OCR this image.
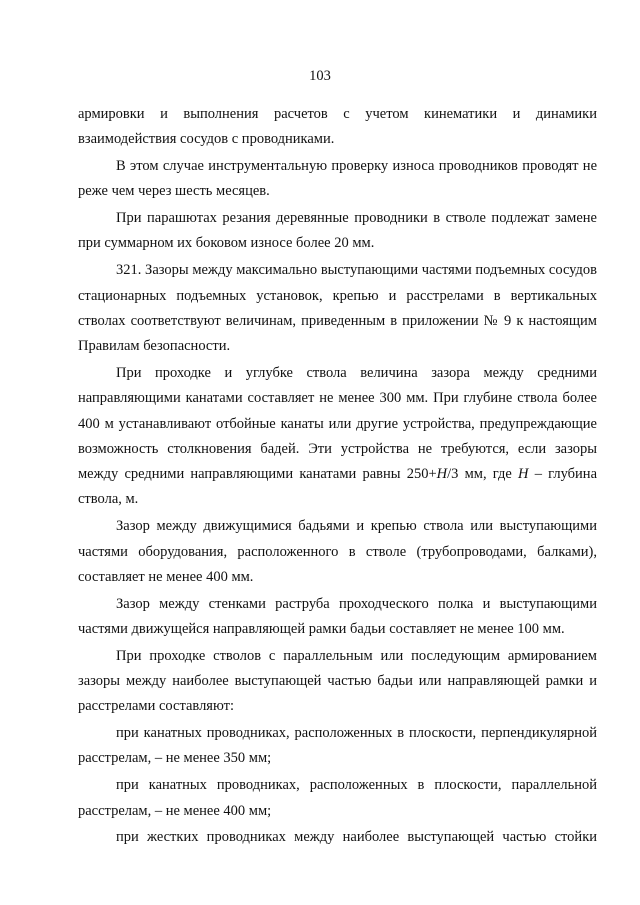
103

армировки и выполнения расчетов с учетом кинематики и динамики взаимодействия сосудов с проводниками.

В этом случае инструментальную проверку износа проводников проводят не реже чем через шесть месяцев.

При парашютах резания деревянные проводники в стволе подлежат замене при суммарном их боковом износе более 20 мм.

321. Зазоры между максимально выступающими частями подъемных сосудов стационарных подъемных установок, крепью и расстрелами в вертикальных стволах соответствуют величинам, приведенным в приложении № 9 к настоящим Правилам безопасности.

При проходке и углубке ствола величина зазора между средними направляющими канатами составляет не менее 300 мм. При глубине ствола более 400 м устанавливают отбойные канаты или другие устройства, предупреждающие возможность столкновения бадей. Эти устройства не требуются, если зазоры между средними направляющими канатами равны 250+H/3 мм, где H – глубина ствола, м.

Зазор между движущимися бадьями и крепью ствола или выступающими частями оборудования, расположенного в стволе (трубопроводами, балками), составляет не менее 400 мм.

Зазор между стенками раструба проходческого полка и выступающими частями движущейся направляющей рамки бадьи составляет не менее 100 мм.

При проходке стволов с параллельным или последующим армированием зазоры между наиболее выступающей частью бадьи или направляющей рамки и расстрелами составляют:

при канатных проводниках, расположенных в плоскости, перпендикулярной расстрелам, – не менее 350 мм;

при канатных проводниках, расположенных в плоскости, параллельной расстрелам, – не менее 400 мм;

при жестких проводниках между наиболее выступающей частью стойки
